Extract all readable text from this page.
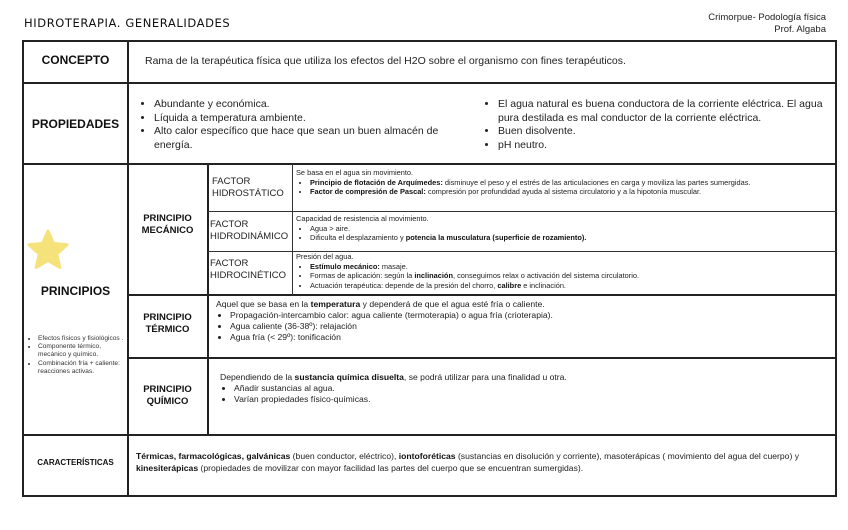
HIDROTERAPIA. GENERALIDADES	Crimorpue- Podología física
Prof. Algaba
CONCEPTO	Rama de la terapéutica física que utiliza los efectos del H2O sobre el organismo con fines terapéuticos.
PROPIEDADES
• Abundante y económica.
• Líquida a temperatura ambiente.
• Alto calor específico que hace que sean un buen almacén de energía.
• El agua natural es buena conductora de la corriente eléctrica. El agua pura destilada es mal conductor de la corriente eléctrica.
• Buen disolvente.
• pH neutro.
PRINCIPIOS
• Efectos físicos y fisiológicos .
• Componente térmico, mecánico y químico.
• Combinación fría + caliente: reacciones activas.
PRINCIPIO
MECÁNICO
FACTOR
HIDROSTÁTICO
Se basa en el agua sin movimiento.
• Principio de flotación de Arquímedes: disminuye el peso y el estrés de las articulaciones en carga y moviliza las partes sumergidas.
• Factor de compresión de Pascal: compresión por profundidad ayuda al sistema circulatorio y a la hipotonía muscular.
FACTOR
HIDRODINÁMICO
Capacidad de resistencia al movimiento.
• Agua > aire.
• Dificulta el desplazamiento y potencia la musculatura (superficie de rozamiento).
FACTOR
HIDROCINÉTICO
Presión del agua.
• Estímulo mecánico: masaje.
• Formas de aplicación: según la inclinación, conseguimos relax o activación del sistema circulatorio.
• Actuación terapéutica: depende de la presión del chorro, calibre e inclinación.
PRINCIPIO
TÉRMICO
Aquel que se basa en la temperatura y dependerá de que el agua esté fría o caliente.
• Propagación-intercambio calor: agua caliente (termoterapia) o agua fría (crioterapia).
• Agua caliente (36-38º): relajación
• Agua fría (< 29º): tonificación
PRINCIPIO
QUÍMICO
Dependiendo de la sustancia química disuelta, se podrá utilizar para una finalidad u otra.
• Añadir sustancias al agua.
• Varían propiedades físico-químicas.
CARACTERÍSTICAS
Térmicas, farmacológicas, galvánicas (buen conductor, eléctrico), iontoforéticas (sustancias en disolución y corriente), masoterápicas ( movimiento del agua del cuerpo) y kinesiterápicas (propiedades de movilizar con mayor facilidad las partes del cuerpo que se encuentran sumergidas).
